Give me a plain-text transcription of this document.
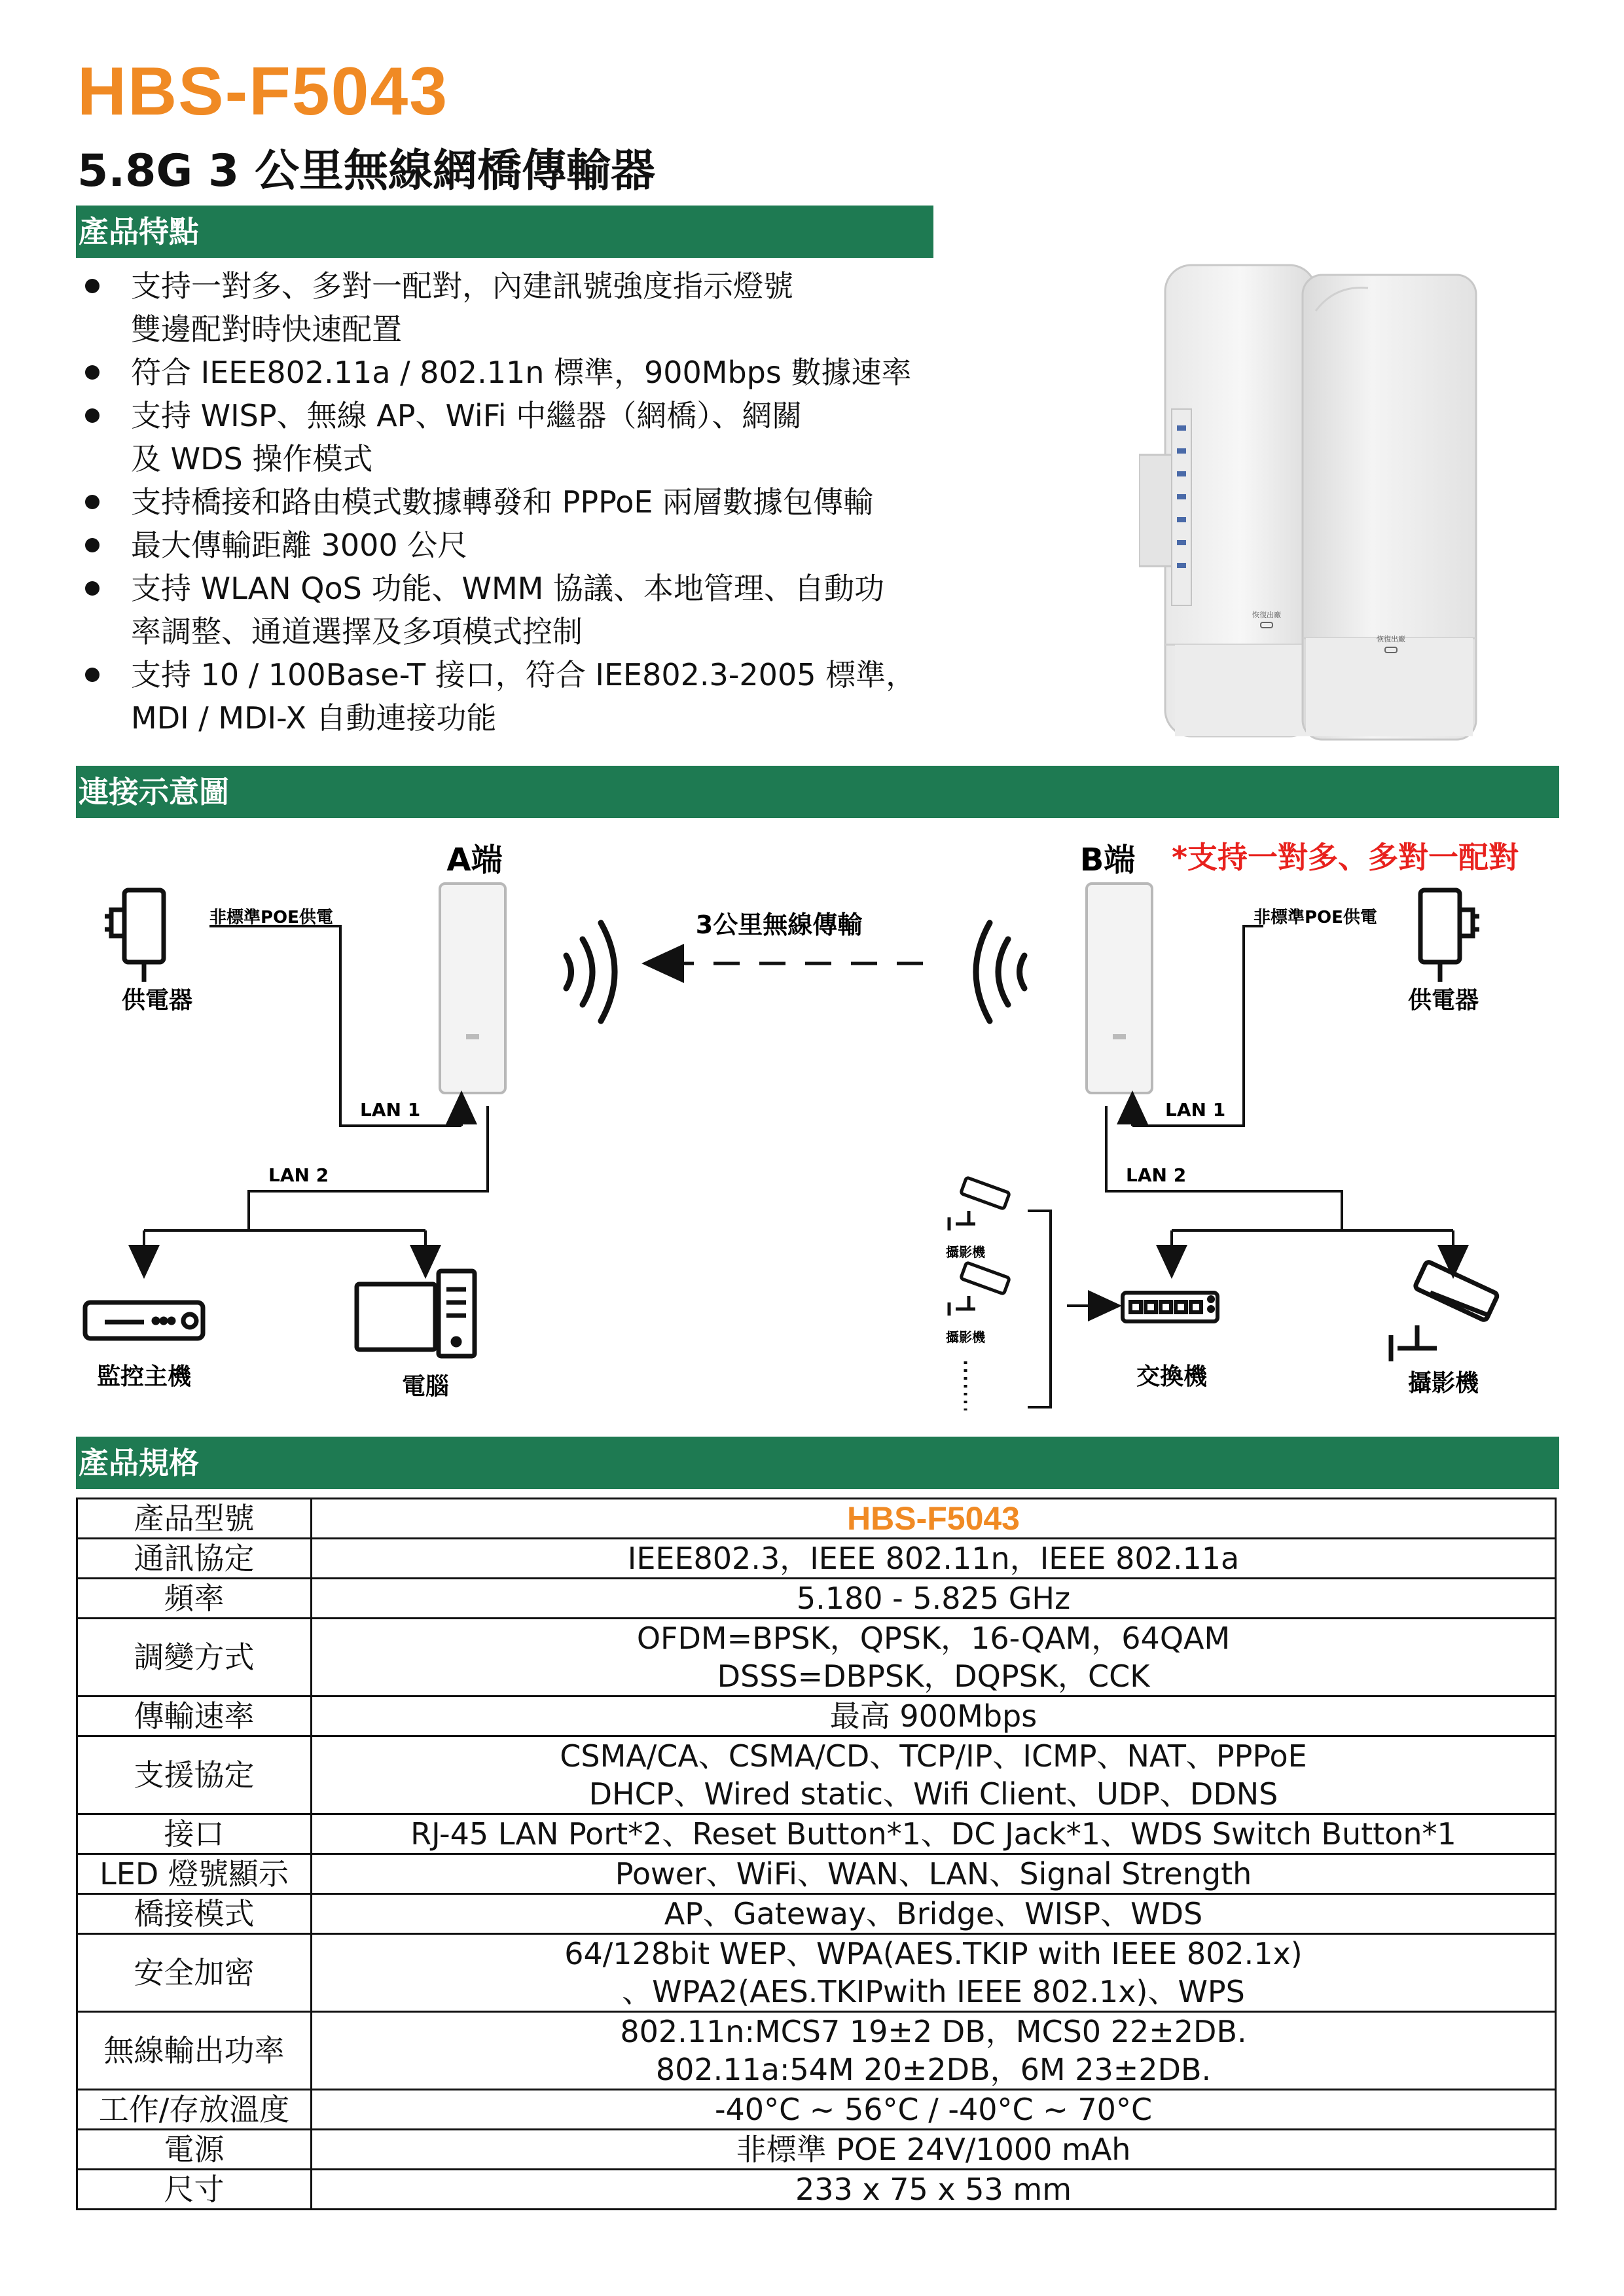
HBS-F5043
5.8G 3 公里無線網橋傳輸器
產品特點
支持一對多、多對一配對，內建訊號強度指示燈號
雙邊配對時快速配置
符合 IEEE802.11a / 802.11n 標準，900Mbps 數據速率
支持 WISP、無線 AP、WiFi 中繼器（網橋）、網關
及 WDS 操作模式
支持橋接和路由模式數據轉發和 PPPoE 兩層數據包傳輸
最大傳輸距離 3000 公尺
支持 WLAN QoS 功能、WMM 協議、本地管理、自動功
率調整、通道選擇及多項模式控制
支持 10 / 100Base-T 接口，符合 IEE802.3-2005 標準，
MDI / MDI-X 自動連接功能
恢復出廠
恢復出廠
連接示意圖
A端	B端 *支持一對多、多對一配對
3公里無線傳輸
非標準POE供電
供電器
非標準POE供電
供電器
LAN 1
LAN 2
LAN 1
LAN 2
監控主機	電腦
攝影機
攝影機
交換機	攝影機
產品規格
產品型號	HBS-F5043

通訊協定	IEEE802.3，IEEE 802.11n，IEEE 802.11a

頻率	5.180 - 5.825 GHz

調變方式	OFDM=BPSK，QPSK，16-QAM，64QAM
DSSS=DBPSK，DQPSK，CCK

傳輸速率	最高 900Mbps

支援協定	CSMA/CA、CSMA/CD、TCP/IP、ICMP、NAT、PPPoE
DHCP、Wired static、Wifi Client、UDP、DDNS

接口	RJ-45 LAN Port*2、Reset Button*1、DC Jack*1、WDS Switch Button*1

LED 燈號顯示	Power、WiFi、WAN、LAN、Signal Strength

橋接模式	AP、Gateway、Bridge、WISP、WDS

安全加密	64/128bit WEP、WPA(AES.TKIP with IEEE 802.1x)
、WPA2(AES.TKIPwith IEEE 802.1x)、WPS

無線輸出功率	802.11n:MCS7 19±2 DB，MCS0 22±2DB.
802.11a:54M 20±2DB，6M 23±2DB.

工作/存放溫度	-40°C ~ 56°C / -40°C ~ 70°C

電源	非標準 POE 24V/1000 mAh

尺寸	233 x 75 x 53 mm
